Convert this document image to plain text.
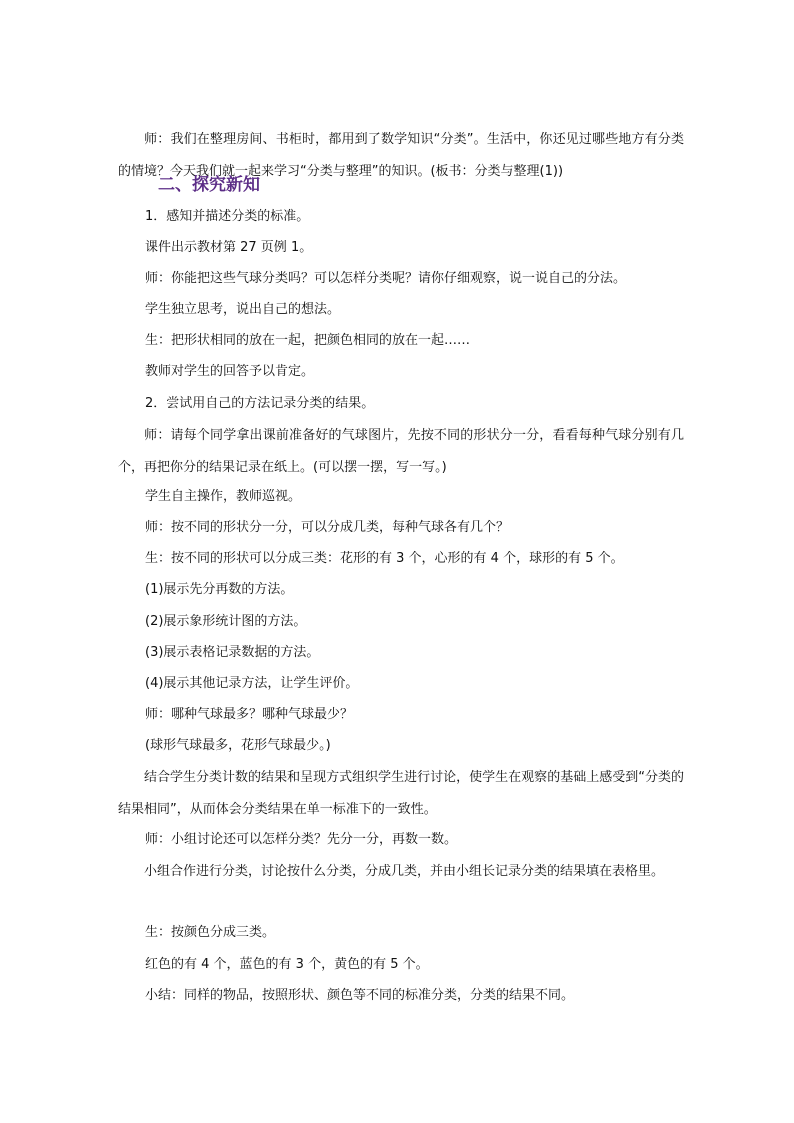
师：我们在整理房间、书柜时，都用到了数学知识“分类”。生活中，你还见过哪些地方有分类的情境？今天我们就一起来学习“分类与整理”的知识。(板书：分类与整理(1))

二、探究新知

1．感知并描述分类的标准。

课件出示教材第 27 页例 1。

师：你能把这些气球分类吗？可以怎样分类呢？请你仔细观察，说一说自己的分法。

学生独立思考，说出自己的想法。

生：把形状相同的放在一起，把颜色相同的放在一起……

教师对学生的回答予以肯定。

2．尝试用自己的方法记录分类的结果。

师：请每个同学拿出课前准备好的气球图片，先按不同的形状分一分，看看每种气球分别有几个，再把你分的结果记录在纸上。(可以摆一摆，写一写。)

学生自主操作，教师巡视。

师：按不同的形状分一分，可以分成几类，每种气球各有几个？

生：按不同的形状可以分成三类：花形的有 3 个，心形的有 4 个，球形的有 5 个。

(1)展示先分再数的方法。

(2)展示象形统计图的方法。

(3)展示表格记录数据的方法。

(4)展示其他记录方法，让学生评价。

师：哪种气球最多？哪种气球最少？

(球形气球最多，花形气球最少。)

结合学生分类计数的结果和呈现方式组织学生进行讨论，使学生在观察的基础上感受到“分类的结果相同”，从而体会分类结果在单一标准下的一致性。

师：小组讨论还可以怎样分类？先分一分，再数一数。

小组合作进行分类，讨论按什么分类，分成几类，并由小组长记录分类的结果填在表格里。

生：按颜色分成三类。

红色的有 4 个，蓝色的有 3 个，黄色的有 5 个。

小结：同样的物品，按照形状、颜色等不同的标准分类，分类的结果不同。
